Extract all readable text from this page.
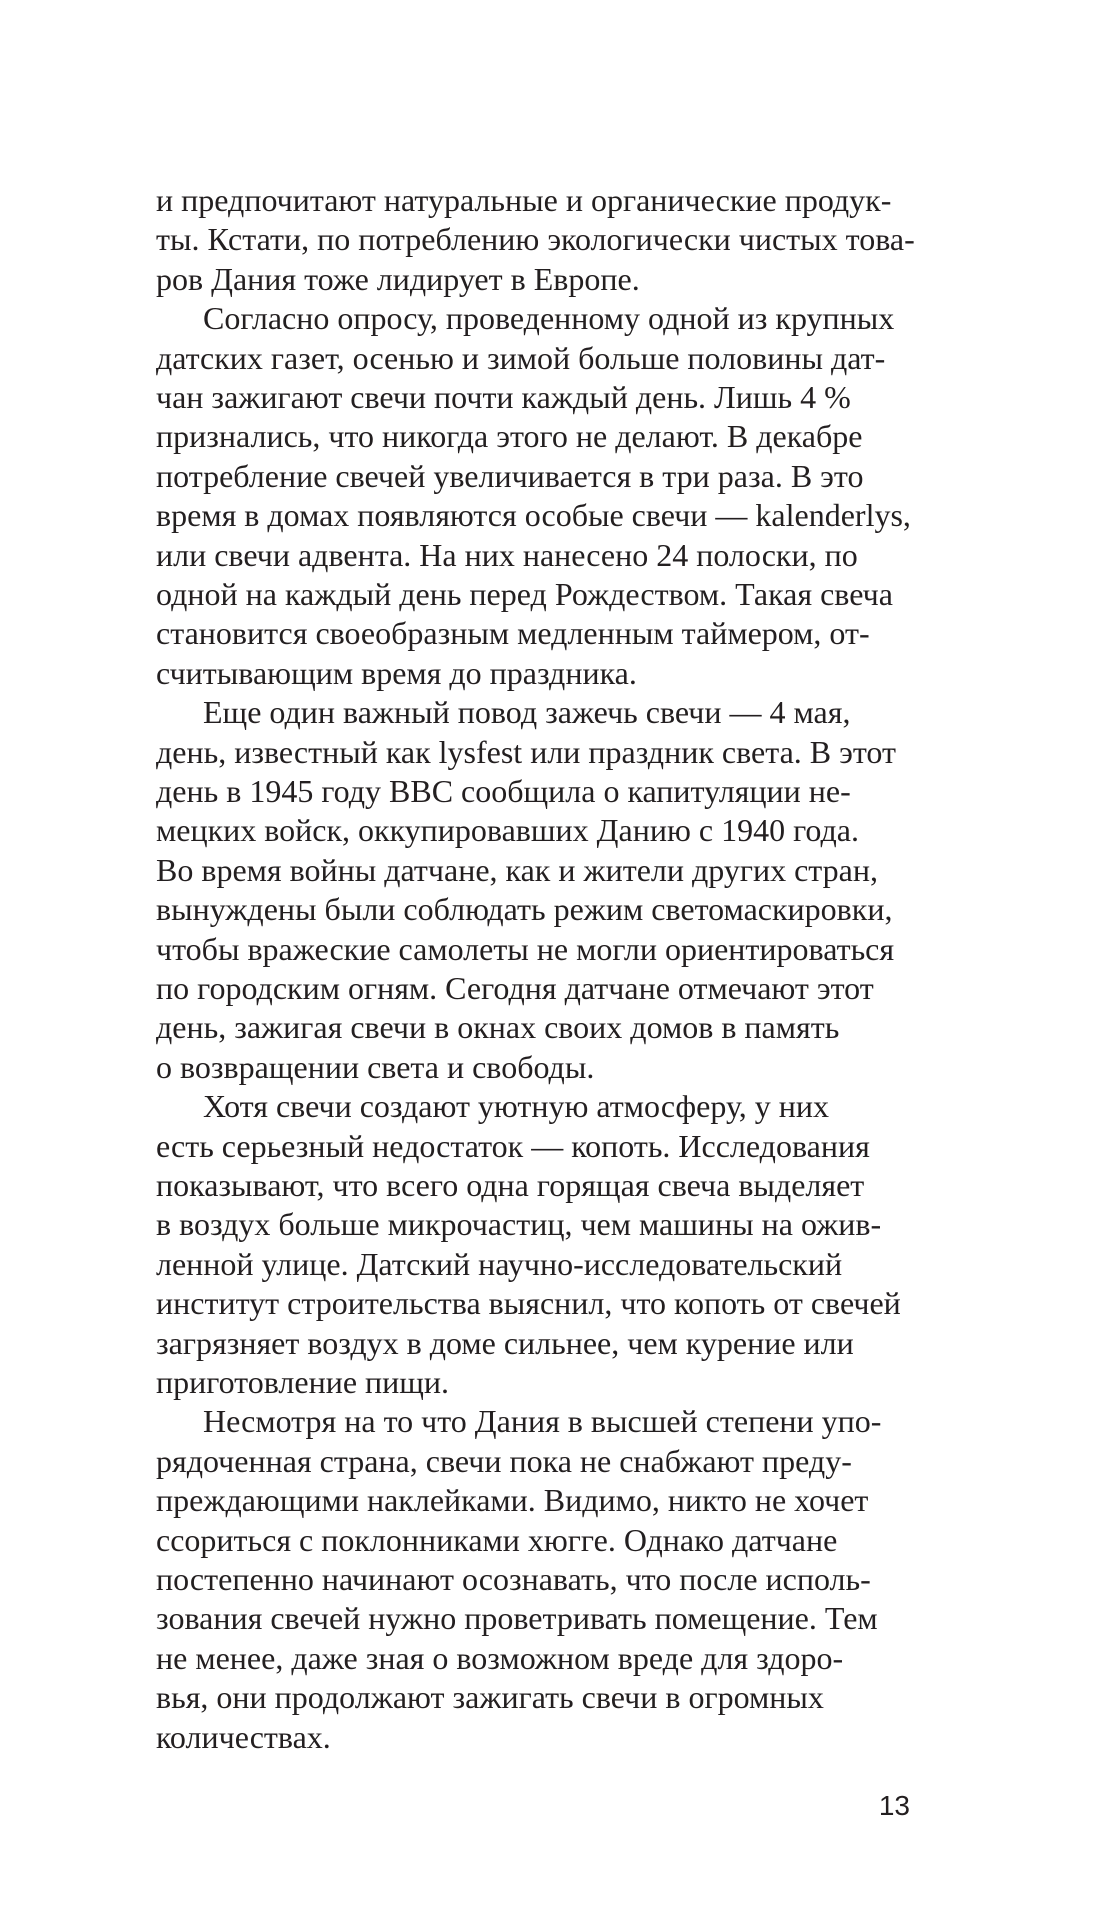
и предпочитают натуральные и органические продук-
ты. Кстати, по потреблению экологически чистых това-
ров Дания тоже лидирует в Европе.
Согласно опросу, проведенному одной из крупных
датских газет, осенью и зимой больше половины дат-
чан зажигают свечи почти каждый день. Лишь 4 %
признались, что никогда этого не делают. В декабре
потребление свечей увеличивается в три раза. В это
время в домах появляются особые свечи — kalenderlys,
или свечи адвента. На них нанесено 24 полоски, по
одной на каждый день перед Рождеством. Такая свеча
становится своеобразным медленным таймером, от-
считывающим время до праздника.
Еще один важный повод зажечь свечи — 4 мая,
день, известный как lysfest или праздник света. В этот
день в 1945 году BBC сообщила о капитуляции не-
мецких войск, оккупировавших Данию с 1940 года.
Во время войны датчане, как и жители других стран,
вынуждены были соблюдать режим светомаскировки,
чтобы вражеские самолеты не могли ориентироваться
по городским огням. Сегодня датчане отмечают этот
день, зажигая свечи в окнах своих домов в память
о возвращении света и свободы.
Хотя свечи создают уютную атмосферу, у них
есть серьезный недостаток — копоть. Исследования
показывают, что всего одна горящая свеча выделяет
в воздух больше микрочастиц, чем машины на ожив-
ленной улице. Датский научно-исследовательский
институт строительства выяснил, что копоть от свечей
загрязняет воздух в доме сильнее, чем курение или
приготовление пищи.
Несмотря на то что Дания в высшей степени упо-
рядоченная страна, свечи пока не снабжают преду-
преждающими наклейками. Видимо, никто не хочет
ссориться с поклонниками хюгге. Однако датчане
постепенно начинают осознавать, что после исполь-
зования свечей нужно проветривать помещение. Тем
не менее, даже зная о возможном вреде для здоро-
вья, они продолжают зажигать свечи в огромных
количествах.
13
